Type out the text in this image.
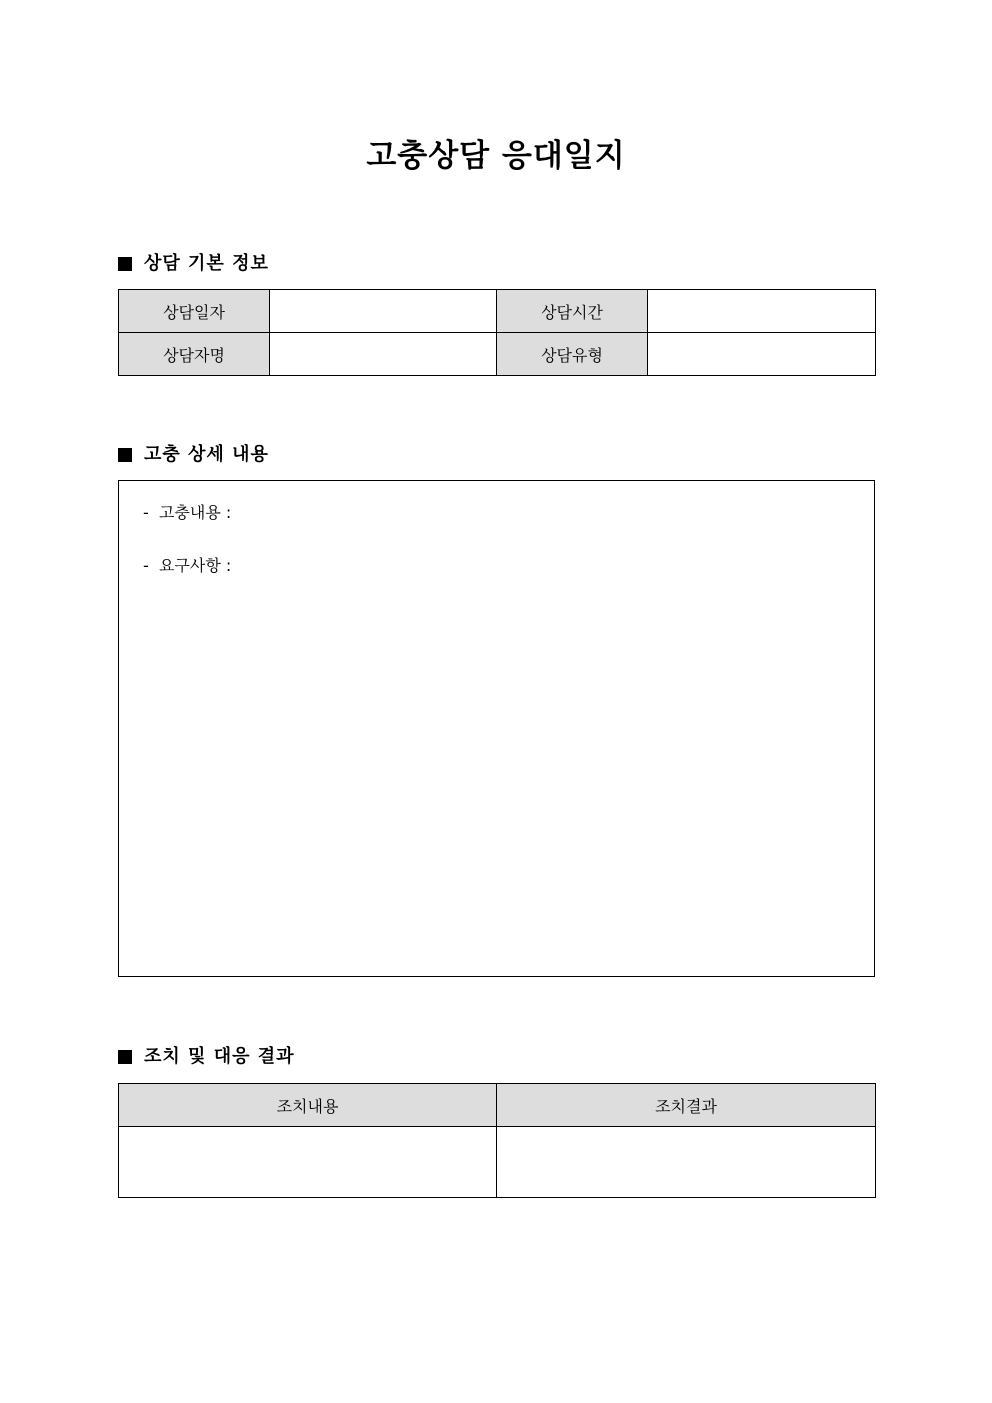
고충상담 응대일지
상담 기본 정보
상담일자		상담시간	
상담자명		상담유형	
고충 상세 내용
-  고충내용 :
-  요구사항 :
조치 및 대응 결과
조치내용	조치결과
